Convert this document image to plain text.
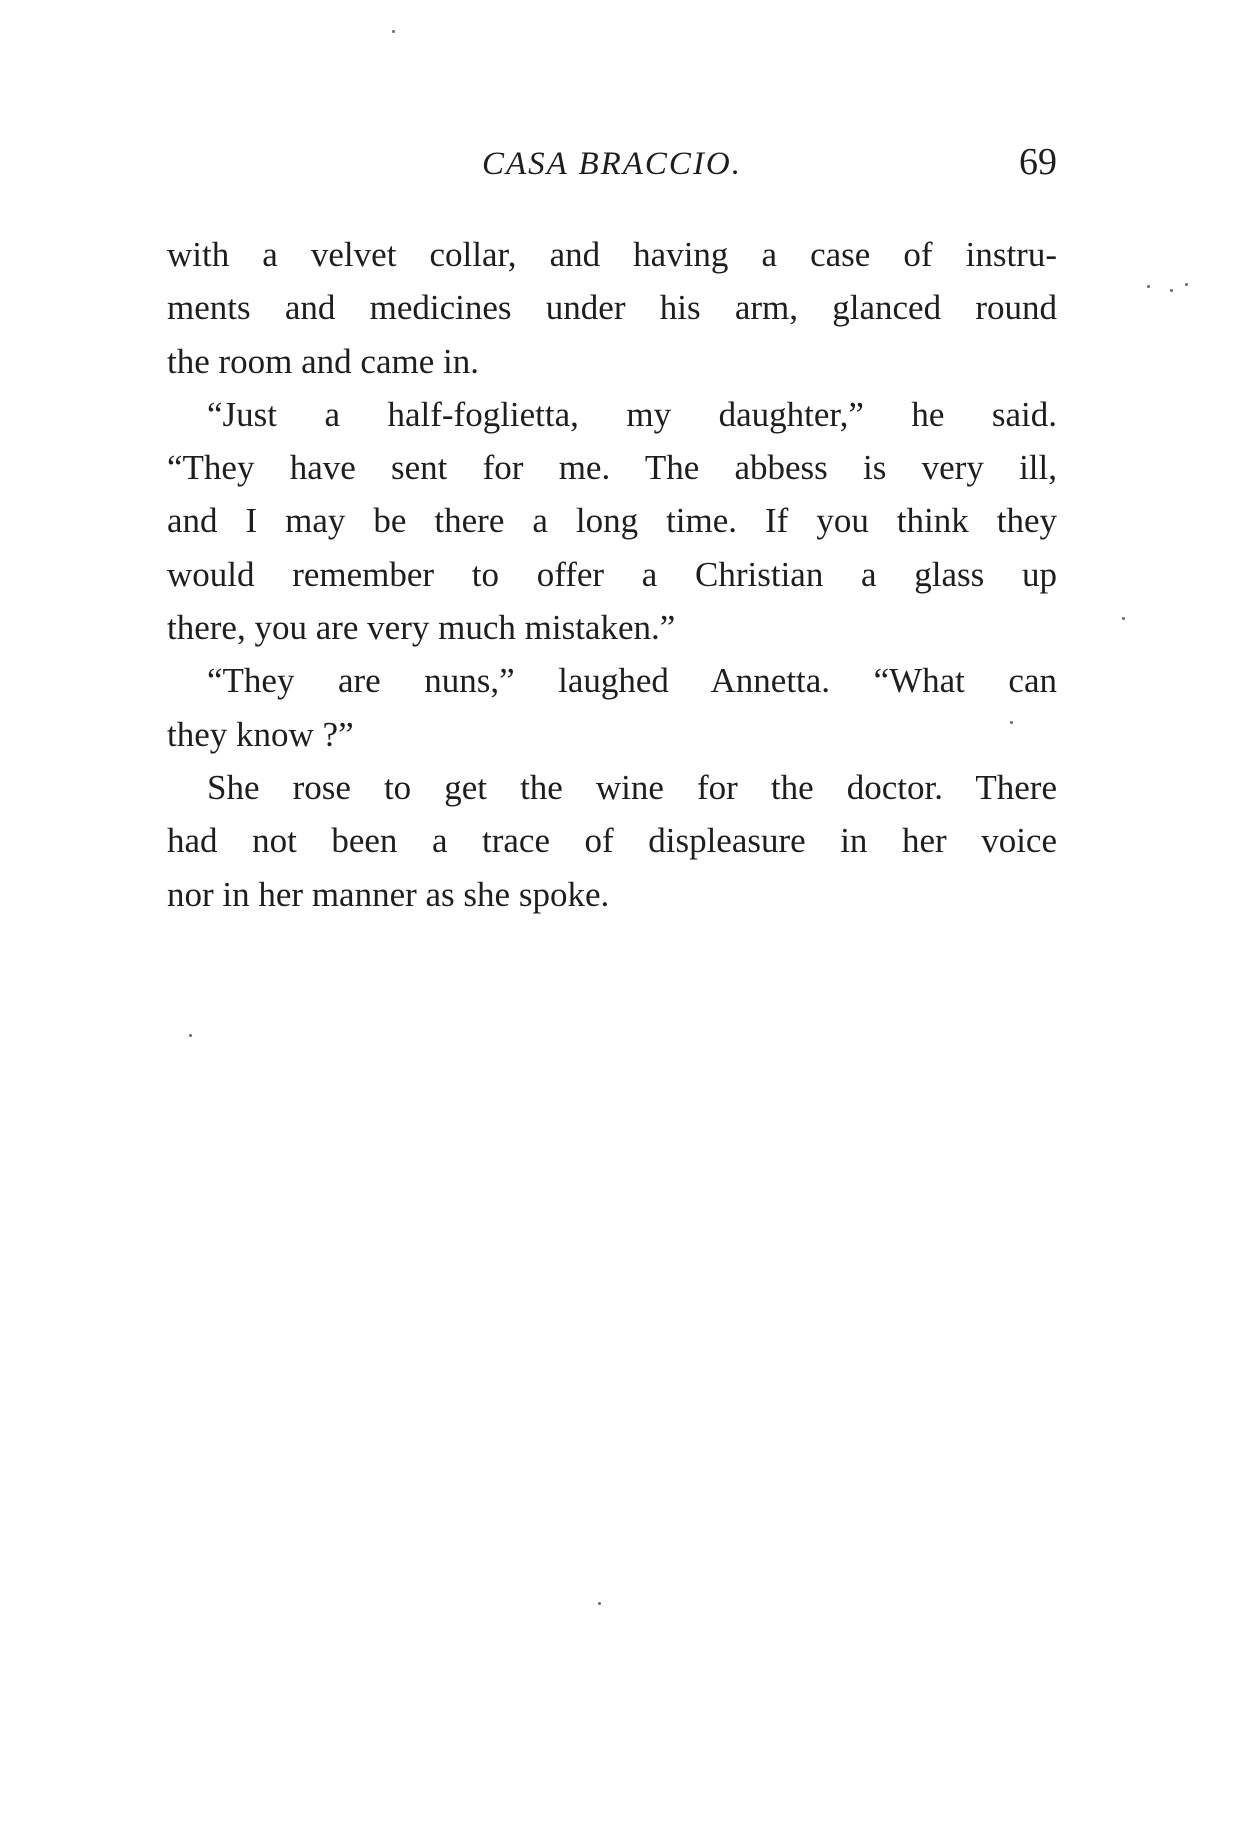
CASA BRACCIO.	69
with a velvet collar, and having a case of instru-
ments and medicines under his arm, glanced round
the room and came in.
“Just a half-foglietta, my daughter,” he said.
“They have sent for me. The abbess is very ill,
and I may be there a long time. If you think they
would remember to offer a Christian a glass up
there, you are very much mistaken.”
“They are nuns,” laughed Annetta. “What can
they know ?”
She rose to get the wine for the doctor. There
had not been a trace of displeasure in her voice
nor in her manner as she spoke.
